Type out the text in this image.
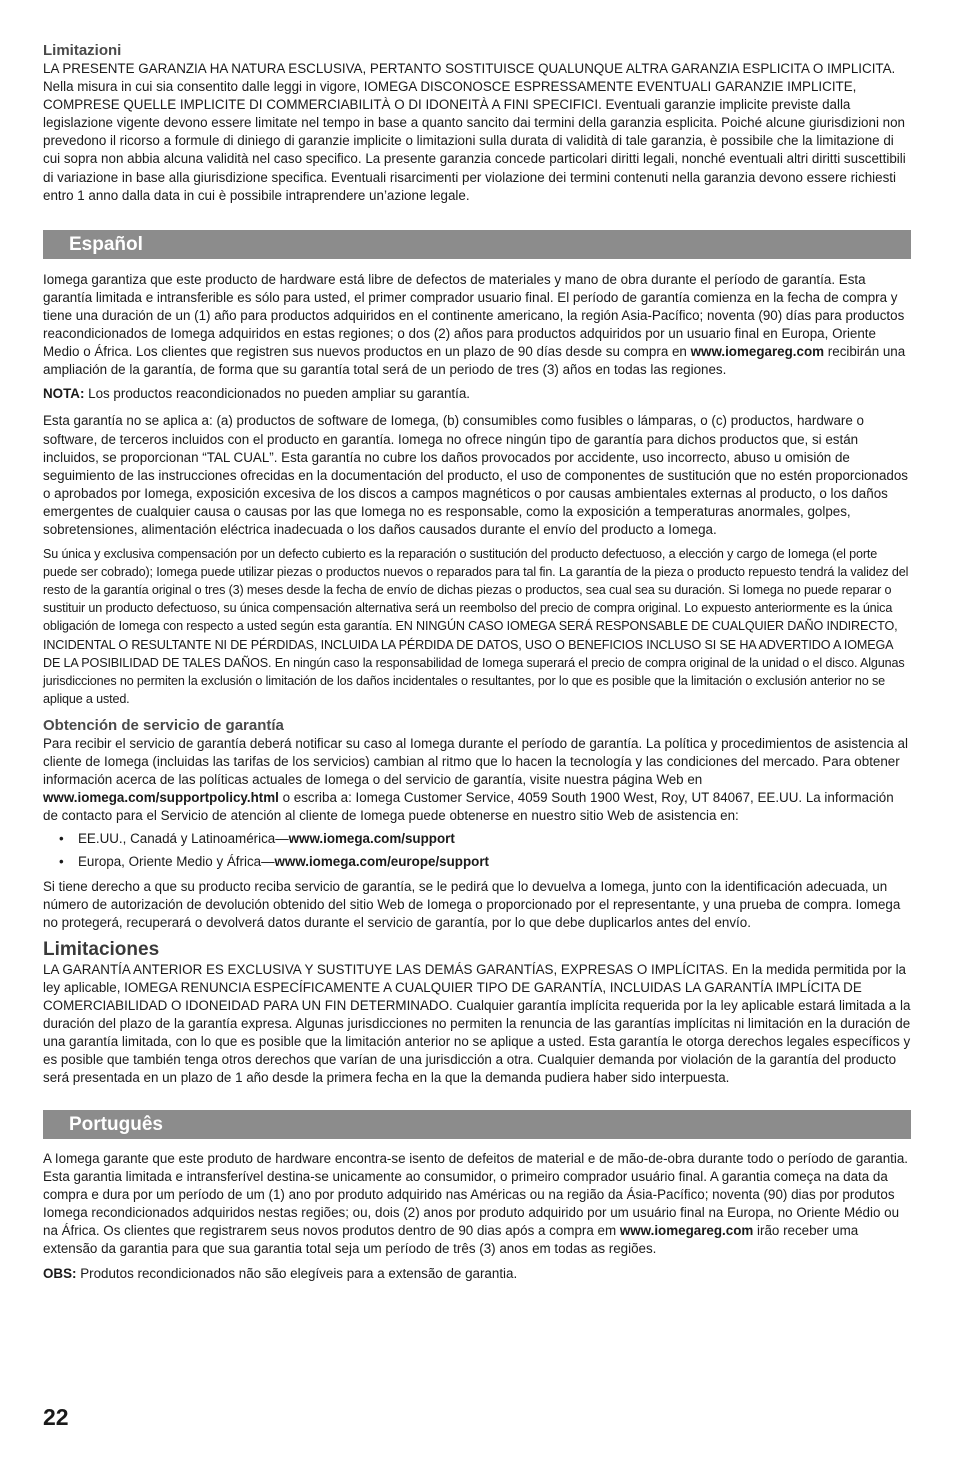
Limitazioni

LA PRESENTE GARANZIA HA NATURA ESCLUSIVA, PERTANTO SOSTITUISCE QUALUNQUE ALTRA GARANZIA ESPLICITA O IMPLICITA. Nella misura in cui sia consentito dalle leggi in vigore, IOMEGA DISCONOSCE ESPRESSAMENTE EVENTUALI GARANZIE IMPLICITE, COMPRESE QUELLE IMPLICITE DI COMMERCIABILITÀ O DI IDONEITÀ A FINI SPECIFICI. Eventuali garanzie implicite previste dalla legislazione vigente devono essere limitate nel tempo in base a quanto sancito dai termini della garanzia esplicita. Poiché alcune giurisdizioni non prevedono il ricorso a formule di diniego di garanzie implicite o limitazioni sulla durata di validità di tale garanzia, è possibile che la limitazione di cui sopra non abbia alcuna validità nel caso specifico. La presente garanzia concede particolari diritti legali, nonché eventuali altri diritti suscettibili di variazione in base alla giurisdizione specifica. Eventuali risarcimenti per violazione dei termini contenuti nella garanzia devono essere richiesti entro 1 anno dalla data in cui è possibile intraprendere un’azione legale.

Español

Iomega garantiza que este producto de hardware está libre de defectos de materiales y mano de obra durante el período de garantía. Esta garantía limitada e intransferible es sólo para usted, el primer comprador usuario final. El período de garantía comienza en la fecha de compra y tiene una duración de un (1) año para productos adquiridos en el continente americano, la región Asia-Pacífico; noventa (90) días para productos reacondicionados de Iomega adquiridos en estas regiones; o dos (2) años para productos adquiridos por un usuario final en Europa, Oriente Medio o África. Los clientes que registren sus nuevos productos en un plazo de 90 días desde su compra en www.iomegareg.com recibirán una ampliación de la garantía, de forma que su garantía total será de un periodo de tres (3) años en todas las regiones.

NOTA: Los productos reacondicionados no pueden ampliar su garantía.

Esta garantía no se aplica a: (a) productos de software de Iomega, (b) consumibles como fusibles o lámparas, o (c) productos, hardware o software, de terceros incluidos con el producto en garantía. Iomega no ofrece ningún tipo de garantía para dichos productos que, si están incluidos, se proporcionan “TAL CUAL”. Esta garantía no cubre los daños provocados por accidente, uso incorrecto, abuso u omisión de seguimiento de las instrucciones ofrecidas en la documentación del producto, el uso de componentes de sustitución que no estén proporcionados o aprobados por Iomega, exposición excesiva de los discos a campos magnéticos o por causas ambientales externas al producto, o los daños emergentes de cualquier causa o causas por las que Iomega no es responsable, como la exposición a temperaturas anormales, golpes, sobretensiones, alimentación eléctrica inadecuada o los daños causados durante el envío del producto a Iomega.

Su única y exclusiva compensación por un defecto cubierto es la reparación o sustitución del producto defectuoso, a elección y cargo de Iomega (el porte puede ser cobrado); Iomega puede utilizar piezas o productos nuevos o reparados para tal fin. La garantía de la pieza o producto repuesto tendrá la validez del resto de la garantía original o tres (3) meses desde la fecha de envío de dichas piezas o productos, sea cual sea su duración. Si Iomega no puede reparar o sustituir un producto defectuoso, su única compensación alternativa será un reembolso del precio de compra original. Lo expuesto anteriormente es la única obligación de Iomega con respecto a usted según esta garantía. EN NINGÚN CASO IOMEGA SERÁ RESPONSABLE DE CUALQUIER DAÑO INDIRECTO, INCIDENTAL O RESULTANTE NI DE PÉRDIDAS, INCLUIDA LA PÉRDIDA DE DATOS, USO O BENEFICIOS INCLUSO SI SE HA ADVERTIDO A IOMEGA DE LA POSIBILIDAD DE TALES DAÑOS. En ningún caso la responsabilidad de Iomega superará el precio de compra original de la unidad o el disco. Algunas jurisdicciones no permiten la exclusión o limitación de los daños incidentales o resultantes, por lo que es posible que la limitación o exclusión anterior no se aplique a usted.

Obtención de servicio de garantía

Para recibir el servicio de garantía deberá notificar su caso al Iomega durante el período de garantía. La política y procedimientos de asistencia al cliente de Iomega (incluidas las tarifas de los servicios) cambian al ritmo que lo hacen la tecnología y las condiciones del mercado. Para obtener información acerca de las políticas actuales de Iomega o del servicio de garantía, visite nuestra página Web en www.iomega.com/supportpolicy.html o escriba a: Iomega Customer Service, 4059 South 1900 West, Roy, UT 84067, EE.UU. La información de contacto para el Servicio de atención al cliente de Iomega puede obtenerse en nuestro sitio Web de asistencia en:

• EE.UU., Canadá y Latinoamérica—www.iomega.com/support
• Europa, Oriente Medio y África—www.iomega.com/europe/support

Si tiene derecho a que su producto reciba servicio de garantía, se le pedirá que lo devuelva a Iomega, junto con la identificación adecuada, un número de autorización de devolución obtenido del sitio Web de Iomega o proporcionado por el representante, y una prueba de compra. Iomega no protegerá, recuperará o devolverá datos durante el servicio de garantía, por lo que debe duplicarlos antes del envío.

Limitaciones

LA GARANTÍA ANTERIOR ES EXCLUSIVA Y SUSTITUYE LAS DEMÁS GARANTÍAS, EXPRESAS O IMPLÍCITAS. En la medida permitida por la ley aplicable, IOMEGA RENUNCIA ESPECÍFICAMENTE A CUALQUIER TIPO DE GARANTÍA, INCLUIDAS LA GARANTÍA IMPLÍCITA DE COMERCIABILIDAD O IDONEIDAD PARA UN FIN DETERMINADO. Cualquier garantía implícita requerida por la ley aplicable estará limitada a la duración del plazo de la garantía expresa. Algunas jurisdicciones no permiten la renuncia de las garantías implícitas ni limitación en la duración de una garantía limitada, con lo que es posible que la limitación anterior no se aplique a usted. Esta garantía le otorga derechos legales específicos y es posible que también tenga otros derechos que varían de una jurisdicción a otra. Cualquier demanda por violación de la garantía del producto será presentada en un plazo de 1 año desde la primera fecha en la que la demanda pudiera haber sido interpuesta.

Português

A Iomega garante que este produto de hardware encontra-se isento de defeitos de material e de mão-de-obra durante todo o período de garantia. Esta garantia limitada e intransferível destina-se unicamente ao consumidor, o primeiro comprador usuário final. A garantia começa na data da compra e dura por um período de um (1) ano por produto adquirido nas Américas ou na região da Ásia-Pacífico; noventa (90) dias por produtos Iomega recondicionados adquiridos nestas regiões; ou, dois (2) anos por produto adquirido por um usuário final na Europa, no Oriente Médio ou na África. Os clientes que registrarem seus novos produtos dentro de 90 dias após a compra em www.iomegareg.com irão receber uma extensão da garantia para que sua garantia total seja um período de três (3) anos em todas as regiões.

OBS: Produtos recondicionados não são elegíveis para a extensão de garantia.

22
